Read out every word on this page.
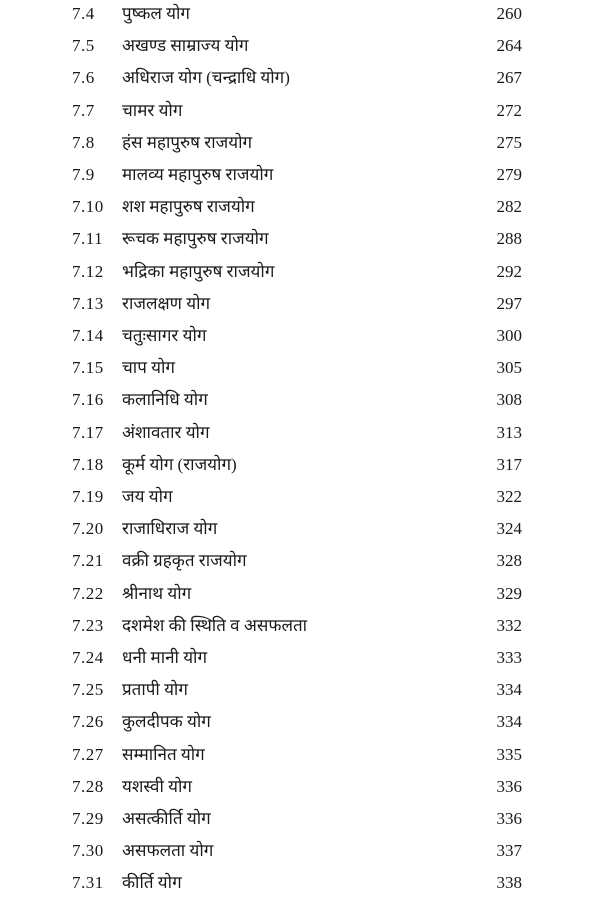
7.4 पुष्कल योग	260
7.5 अखण्ड साम्राज्य योग	264
7.6 अधिराज योग (चन्द्राधि योग)	267
7.7 चामर योग	272
7.8 हंस महापुरुष राजयोग	275
7.9 मालव्य महापुरुष राजयोग	279
7.10 शश महापुरुष राजयोग	282
7.11 रूचक महापुरुष राजयोग	288
7.12 भद्रिका महापुरुष राजयोग	292
7.13 राजलक्षण योग	297
7.14 चतुःसागर योग	300
7.15 चाप योग	305
7.16 कलानिधि योग	308
7.17 अंशावतार योग	313
7.18 कूर्म योग (राजयोग)	317
7.19 जय योग	322
7.20 राजाधिराज योग	324
7.21 वक्री ग्रहकृत राजयोग	328
7.22 श्रीनाथ योग	329
7.23 दशमेश की स्थिति व असफलता	332
7.24 धनी मानी योग	333
7.25 प्रतापी योग	334
7.26 कुलदीपक योग	334
7.27 सम्मानित योग	335
7.28 यशस्वी योग	336
7.29 असत्कीर्ति योग	336
7.30 असफलता योग	337
7.31 कीर्ति योग	338
